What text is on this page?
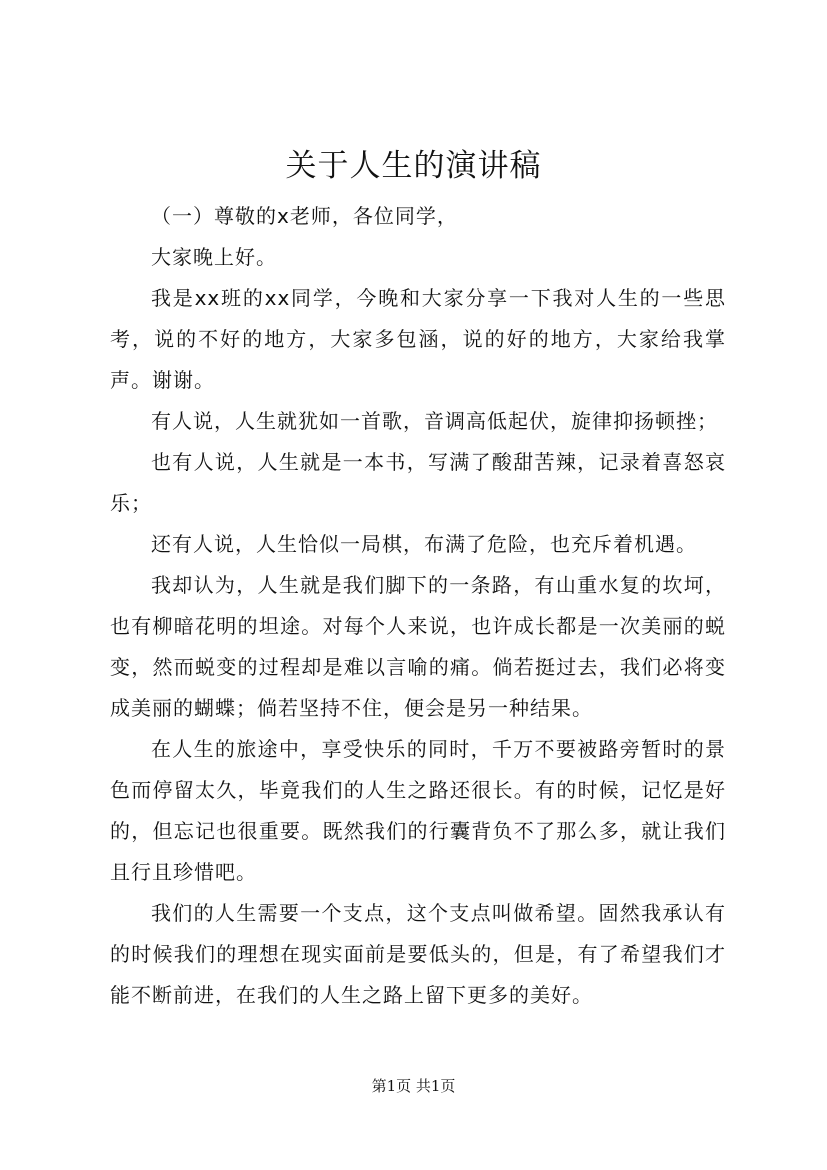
关于人生的演讲稿

（一）尊敬的x老师，各位同学，

大家晚上好。

我是xx班的xx同学，今晚和大家分享一下我对人生的一些思考，说的不好的地方，大家多包涵，说的好的地方，大家给我掌声。谢谢。

有人说，人生就犹如一首歌，音调高低起伏，旋律抑扬顿挫；

也有人说，人生就是一本书，写满了酸甜苦辣，记录着喜怒哀乐；

还有人说，人生恰似一局棋，布满了危险，也充斥着机遇。

我却认为，人生就是我们脚下的一条路，有山重水复的坎坷，也有柳暗花明的坦途。对每个人来说，也许成长都是一次美丽的蜕变，然而蜕变的过程却是难以言喻的痛。倘若挺过去，我们必将变成美丽的蝴蝶；倘若坚持不住，便会是另一种结果。

在人生的旅途中，享受快乐的同时，千万不要被路旁暂时的景色而停留太久，毕竟我们的人生之路还很长。有的时候，记忆是好的，但忘记也很重要。既然我们的行囊背负不了那么多，就让我们且行且珍惜吧。

我们的人生需要一个支点，这个支点叫做希望。固然我承认有的时候我们的理想在现实面前是要低头的，但是，有了希望我们才能不断前进，在我们的人生之路上留下更多的美好。

第1页 共1页
